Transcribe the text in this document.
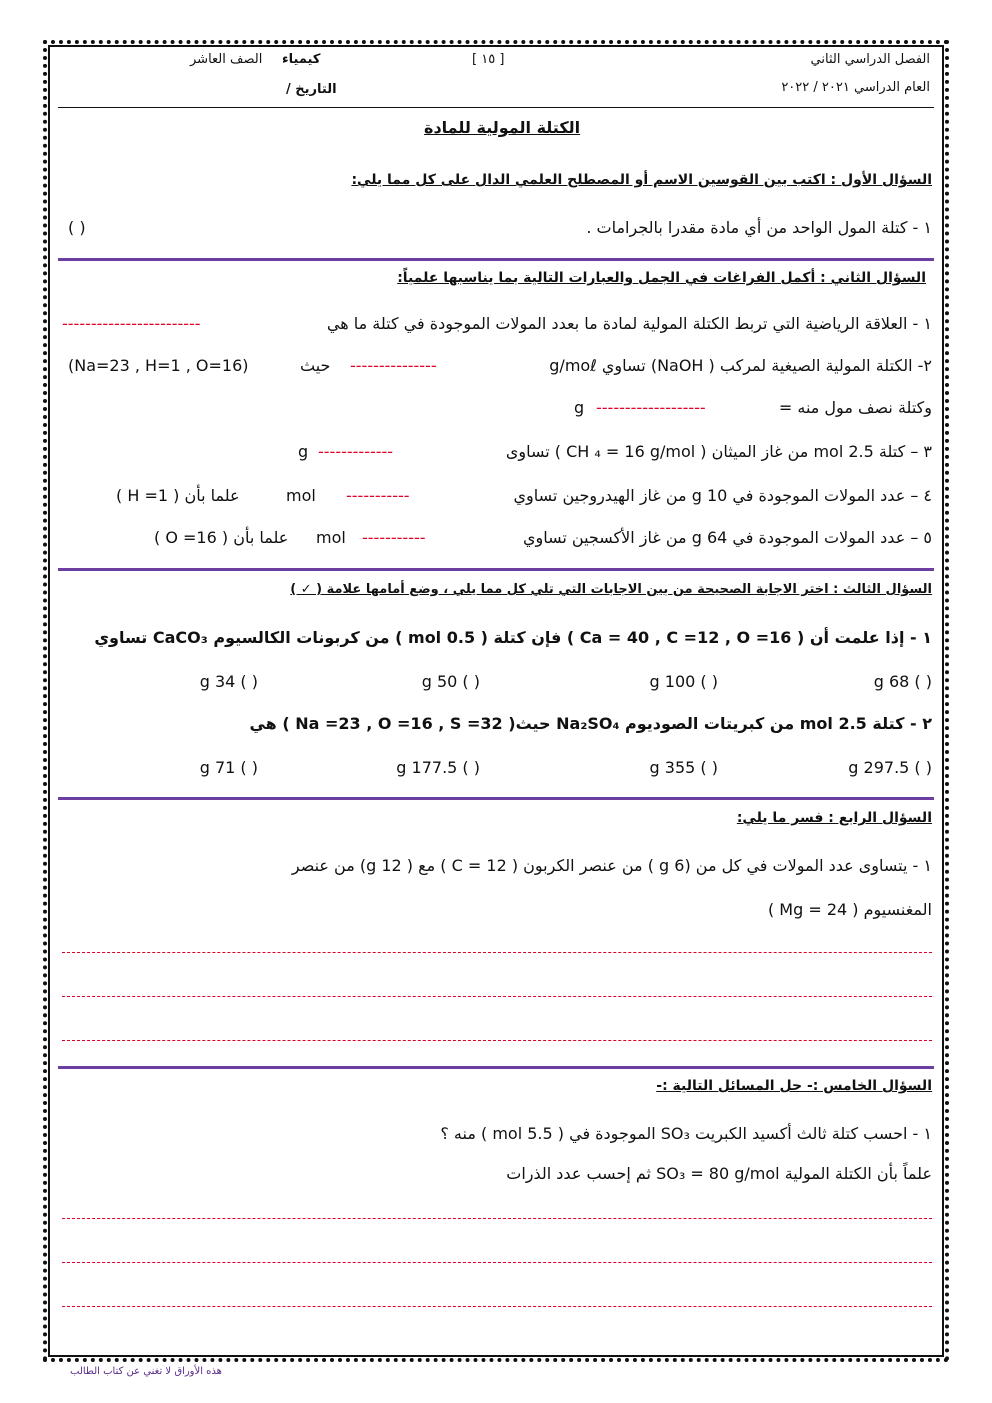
الفصل الدراسي الثاني
[ ١٥ ]
كيمياء
الصف العاشر
العام الدراسي ٢٠٢١ / ٢٠٢٢
التاريخ /
الكتلة المولية للمادة
السؤال الأول : اكتب بين القوسين الاسم أو المصطلح العلمي الدال على كل مما يلي:
١ - كتلة المول الواحد من أي مادة مقدرا بالجرامات .
( )
السؤال الثاني : أكمل الفراغات في الجمل والعبارات التالية بما يناسبها علمياً:
١ - العلاقة الرياضية التي تربط الكتلة المولية لمادة ما بعدد المولات الموجودة في كتلة ما هي
------------------------
٢- الكتلة المولية الصيغية لمركب ( NaOH) تساوي g/moℓ
---------------
حيث
(Na=23 , H=1 , O=16)
وكتلة نصف مول منه =
-------------------
g
٣ – كتلة 2.5 mol من غاز الميثان ( CH ₄ = 16 g/mol ) تساوى
-------------
g
٤ – عدد المولات الموجودة في g 10 من غاز الهيدروجين تساوي
-----------
mol
علما بأن ( H =1 )
٥ – عدد المولات الموجودة في g 64 من غاز الأكسجين تساوي
-----------
mol
علما بأن ( O =16 )
السؤال الثالث : اختر الاجابة الصحيحة من بين الاجابات التي تلي كل مما يلي ، وضع أمامها علامة ( ✓ )
١ - إذا علمت أن ( Ca = 40 , C =12 , O =16 ) فإن كتلة ( 0.5 mol ) من كربونات الكالسيوم CaCO₃ تساوي
( ) 68 g
( ) 100 g
( ) 50 g
( ) 34 g
٢ - كتلة 2.5 mol من كبريتات الصوديوم Na₂SO₄ حيث( Na =23 , O =16 , S =32 ) هي
( ) 297.5 g
( ) 355 g
( ) 177.5 g
( ) 71 g
السؤال الرابع : فسر ما يلي:
١ - يتساوى عدد المولات في كل من (g 6 ) من عنصر الكربون ( C = 12 ) مع ( g 12) من عنصر
المغنسيوم ( Mg = 24 )
السؤال الخامس :- حل المسائل التالية :-
١ - احسب كتلة ثالث أكسيد الكبريت SO₃ الموجودة في ( 5.5 mol ) منه ؟
علماً بأن الكتلة المولية SO₃ = 80 g/mol ثم إحسب عدد الذرات
هذه الأوراق لا تغني عن كتاب الطالب
